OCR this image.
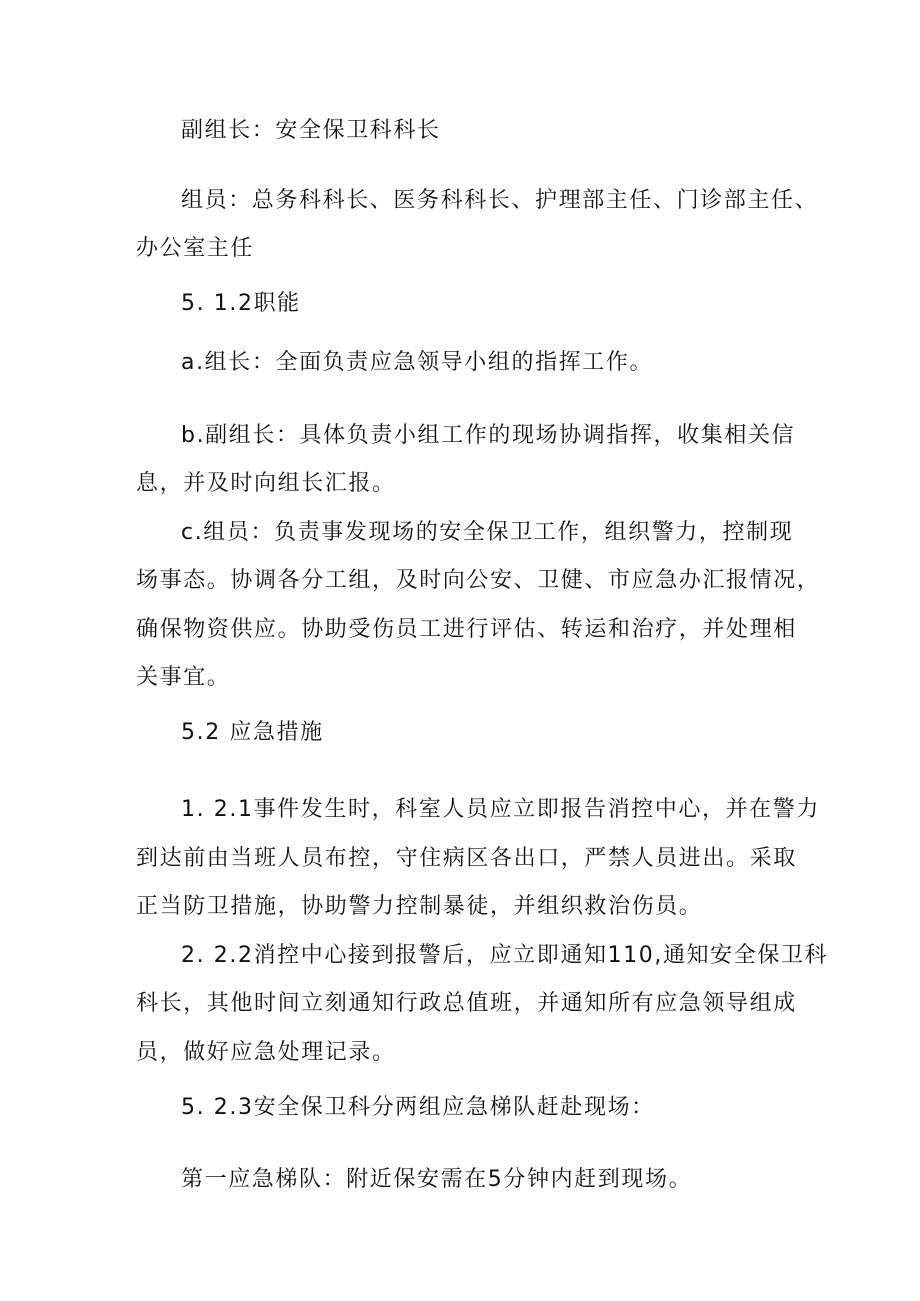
副组长：安全保卫科科长
组员：总务科科长、医务科科长、护理部主任、门诊部主任、
办公室主任
5. 1.2职能
a.组长：全面负责应急领导小组的指挥工作。
b.副组长：具体负责小组工作的现场协调指挥，收集相关信
息，并及时向组长汇报。
c.组员：负责事发现场的安全保卫工作，组织警力，控制现
场事态。协调各分工组，及时向公安、卫健、市应急办汇报情况，
确保物资供应。协助受伤员工进行评估、转运和治疗，并处理相
关事宜。
5.2 应急措施
1. 2.1事件发生时，科室人员应立即报告消控中心，并在警力
到达前由当班人员布控，守住病区各出口，严禁人员进出。采取
正当防卫措施，协助警力控制暴徒，并组织救治伤员。
2. 2.2消控中心接到报警后，应立即通知110,通知安全保卫科
科长，其他时间立刻通知行政总值班，并通知所有应急领导组成
员，做好应急处理记录。
5. 2.3安全保卫科分两组应急梯队赶赴现场：
第一应急梯队：附近保安需在5分钟内赶到现场。
